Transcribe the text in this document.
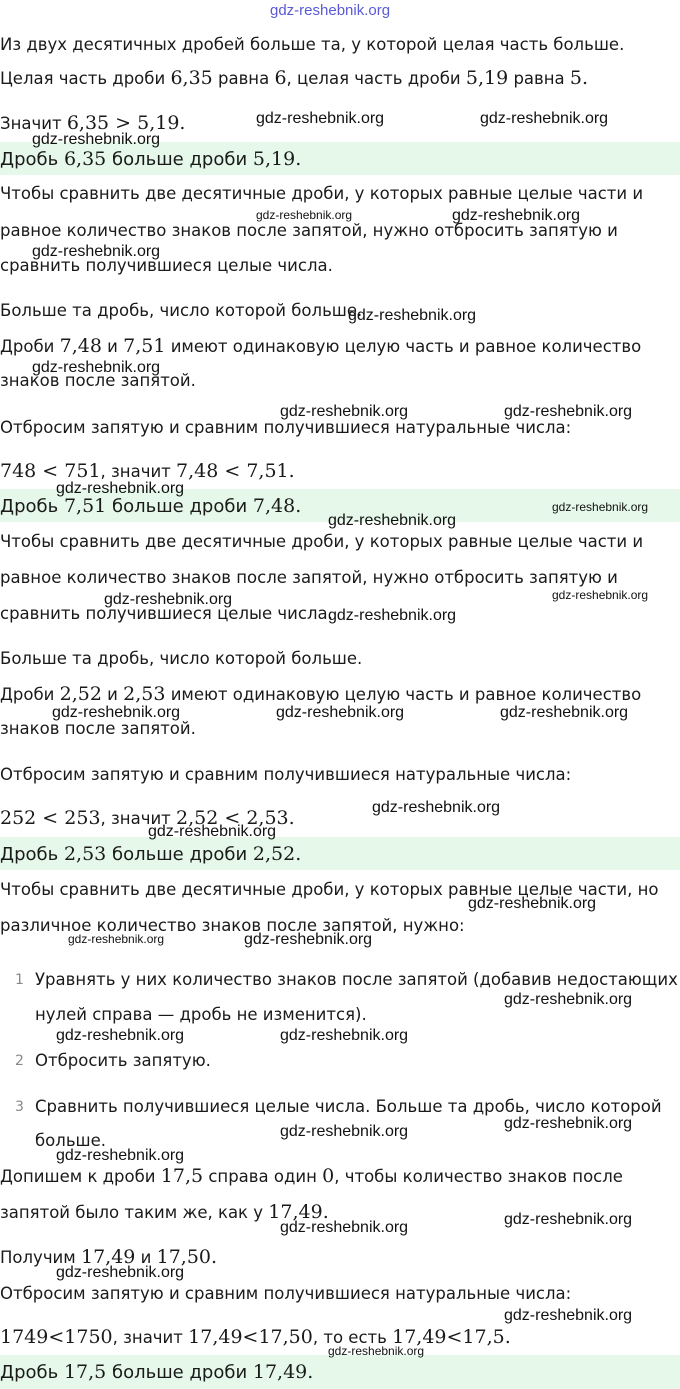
Из двух десятичных дробей больше та, у которой целая часть больше.
Целая часть дроби 6,35 равна 6, целая часть дроби 5,19 равна 5.
Значит 6,35 > 5,19.
Дробь 6,35 больше дроби 5,19.
Чтобы сравнить две десятичные дроби, у которых равные целые части и
равное количество знаков после запятой, нужно отбросить запятую и
сравнить получившиеся целые числа.
Больше та дробь, число которой больше.
Дроби 7,48 и 7,51 имеют одинаковую целую часть и равное количество
знаков после запятой.
Отбросим запятую и сравним получившиеся натуральные числа:
748 < 751, значит 7,48 < 7,51.
Дробь 7,51 больше дроби 7,48.
Чтобы сравнить две десятичные дроби, у которых равные целые части и
равное количество знаков после запятой, нужно отбросить запятую и
сравнить получившиеся целые числа.
Больше та дробь, число которой больше.
Дроби 2,52 и 2,53 имеют одинаковую целую часть и равное количество
знаков после запятой.
Отбросим запятую и сравним получившиеся натуральные числа:
252 < 253, значит 2,52 < 2,53.
Дробь 2,53 больше дроби 2,52.
Чтобы сравнить две десятичные дроби, у которых равные целые части, но
различное количество знаков после запятой, нужно:
1 Уравнять у них количество знаков после запятой (добавив недостающих
нулей справа — дробь не изменится).
2 Отбросить запятую.
3 Сравнить получившиеся целые числа. Больше та дробь, число которой
больше.
Допишем к дроби 17,5 справа один 0, чтобы количество знаков после
запятой было таким же, как у 17,49.
Получим 17,49 и 17,50.
Отбросим запятую и сравним получившиеся натуральные числа:
1749<1750, значит 17,49<17,50, то есть 17,49<17,5.
Дробь 17,5 больше дроби 17,49.
gdz-reshebnik.org
gdz-reshebnik.org	gdz-reshebnik.org
gdz-reshebnik.org
gdz-reshebnik.org	gdz-reshebnik.org
gdz-reshebnik.org
gdz-reshebnik.org
gdz-reshebnik.org
gdz-reshebnik.org	gdz-reshebnik.org
gdz-reshebnik.org
gdz-reshebnik.org
gdz-reshebnik.org
gdz-reshebnik.org	gdz-reshebnik.org
gdz-reshebnik.org
gdz-reshebnik.org	gdz-reshebnik.org	gdz-reshebnik.org
gdz-reshebnik.org
gdz-reshebnik.org
gdz-reshebnik.org
gdz-reshebnik.org	gdz-reshebnik.org
gdz-reshebnik.org
gdz-reshebnik.org	gdz-reshebnik.org
gdz-reshebnik.org
gdz-reshebnik.org
gdz-reshebnik.org
gdz-reshebnik.org
gdz-reshebnik.org
gdz-reshebnik.org
gdz-reshebnik.org
gdz-reshebnik.org
